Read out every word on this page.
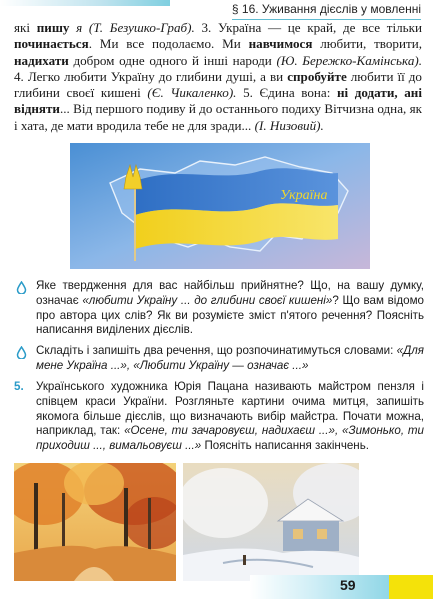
§ 16. Уживання дієслів у мовленні
які пишу я (Т. Безушко-Граб). 3. Україна — це край, де все тільки починається. Ми все подолаємо. Ми навчимося любити, творити, надихати добром одне одного й інші народи (Ю. Бережко-Камінська). 4. Легко любити Україну до глибини душі, а ви спробуйте любити її до глибини своєї кишені (Є. Чикаленко). 5. Єдина вона: ні додати, ані відняти... Від першого подиву й до останнього подиху Вітчизна одна, як і хата, де мати вродила тебе не для зради... (І. Низовий).
Україна
Яке твердження для вас найбільш прийнятне? Що, на вашу думку, означає «любити Україну ... до глибини своєї кишені»? Що вам відомо про автора цих слів? Як ви розумієте зміст п'ятого речення? Поясніть написання виділених дієслів.
Складіть і запишіть два речення, що розпочинатимуться словами: «Для мене Україна ...», «Любити Україну — означає ...»
5.	Українського художника Юрія Пацана називають майстром пензля і співцем краси України. Розгляньте картини очима митця, запишіть якомога більше дієслів, що визначають вибір майстра. Почати можна, наприклад, так: «Осене, ти зачаровуєш, надихаєш ...», «Зимонько, ти приходиш ..., вимальовуєш ...» Поясніть написання закінчень.
59
